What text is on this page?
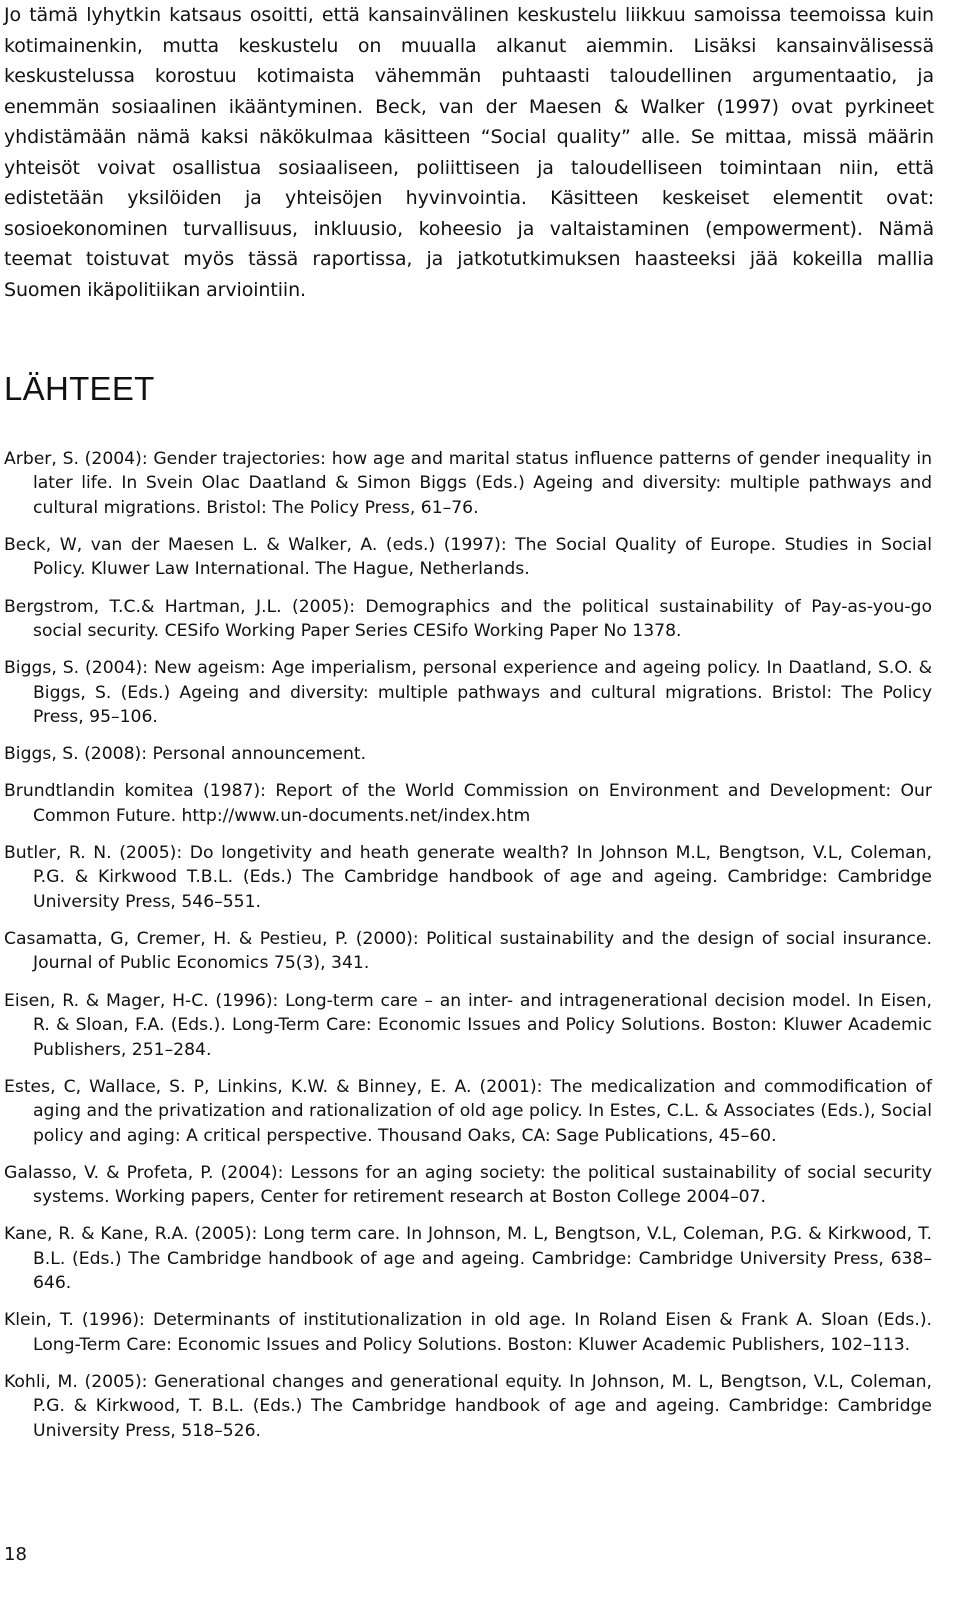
Jo tämä lyhytkin katsaus osoitti, että kansainvälinen keskustelu liikkuu samoissa teemoissa kuin kotimainenkin, mutta keskustelu on muualla alkanut aiemmin. Lisäksi kansainvälisessä keskustelussa korostuu kotimaista vähemmän puhtaasti taloudellinen argumentaatio, ja enemmän sosiaalinen ikääntyminen. Beck, van der Maesen & Walker (1997) ovat pyrkineet yhdistämään nämä kaksi näkökulmaa käsitteen “Social quality” alle. Se mittaa, missä määrin yhteisöt voivat osallistua sosiaaliseen, poliittiseen ja taloudelliseen toimintaan niin, että edistetään yksilöiden ja yhteisöjen hyvinvointia. Käsitteen keskeiset elementit ovat: sosioekonominen turvallisuus, inkluusio, koheesio ja valtaistaminen (empowerment). Nämä teemat toistuvat myös tässä raportissa, ja jatkotutkimuksen haasteeksi jää kokeilla mallia Suomen ikäpolitiikan arviointiin.

LÄHTEET

Arber, S. (2004): Gender trajectories: how age and marital status influence patterns of gender inequality in later life. In Svein Olac Daatland & Simon Biggs (Eds.) Ageing and diversity: multiple pathways and cultural migrations. Bristol: The Policy Press, 61–76.

Beck, W, van der Maesen L. & Walker, A. (eds.) (1997): The Social Quality of Europe. Studies in Social Policy. Kluwer Law International. The Hague, Netherlands.

Bergstrom, T.C.& Hartman, J.L. (2005): Demographics and the political sustainability of Pay-as-you-go social security. CESifo Working Paper Series CESifo Working Paper No 1378.

Biggs, S. (2004): New ageism: Age imperialism, personal experience and ageing policy. In Daatland, S.O. & Biggs, S. (Eds.) Ageing and diversity: multiple pathways and cultural migrations. Bristol: The Policy Press, 95–106.

Biggs, S. (2008): Personal announcement.

Brundtlandin komitea (1987): Report of the World Commission on Environment and Development: Our Common Future. http://www.un-documents.net/index.htm

Butler, R. N. (2005): Do longetivity and heath generate wealth? In Johnson M.L, Bengtson, V.L, Coleman, P.G. & Kirkwood T.B.L. (Eds.) The Cambridge handbook of age and ageing. Cambridge: Cambridge University Press, 546–551.

Casamatta, G, Cremer, H. & Pestieu, P. (2000): Political sustainability and the design of social insurance. Journal of Public Economics 75(3), 341.

Eisen, R. & Mager, H-C. (1996): Long-term care – an inter- and intragenerational decision model. In Eisen, R. & Sloan, F.A. (Eds.). Long-Term Care: Economic Issues and Policy Solutions. Boston: Kluwer Academic Publishers, 251–284.

Estes, C, Wallace, S. P, Linkins, K.W. & Binney, E. A. (2001): The medicalization and commodification of aging and the privatization and rationalization of old age policy. In Estes, C.L. & Associates (Eds.), Social policy and aging: A critical perspective. Thousand Oaks, CA: Sage Publications, 45–60.

Galasso, V. & Profeta, P. (2004): Lessons for an aging society: the political sustainability of social security systems. Working papers, Center for retirement research at Boston College 2004–07.

Kane, R. & Kane, R.A. (2005): Long term care. In Johnson, M. L, Bengtson, V.L, Coleman, P.G. & Kirkwood, T. B.L. (Eds.) The Cambridge handbook of age and ageing. Cambridge: Cambridge University Press, 638–646.

Klein, T. (1996): Determinants of institutionalization in old age. In Roland Eisen & Frank A. Sloan (Eds.). Long-Term Care: Economic Issues and Policy Solutions. Boston: Kluwer Academic Publishers, 102–113.

Kohli, M. (2005): Generational changes and generational equity. In Johnson, M. L, Bengtson, V.L, Coleman, P.G. & Kirkwood, T. B.L. (Eds.) The Cambridge handbook of age and ageing. Cambridge: Cambridge University Press, 518–526.

18
